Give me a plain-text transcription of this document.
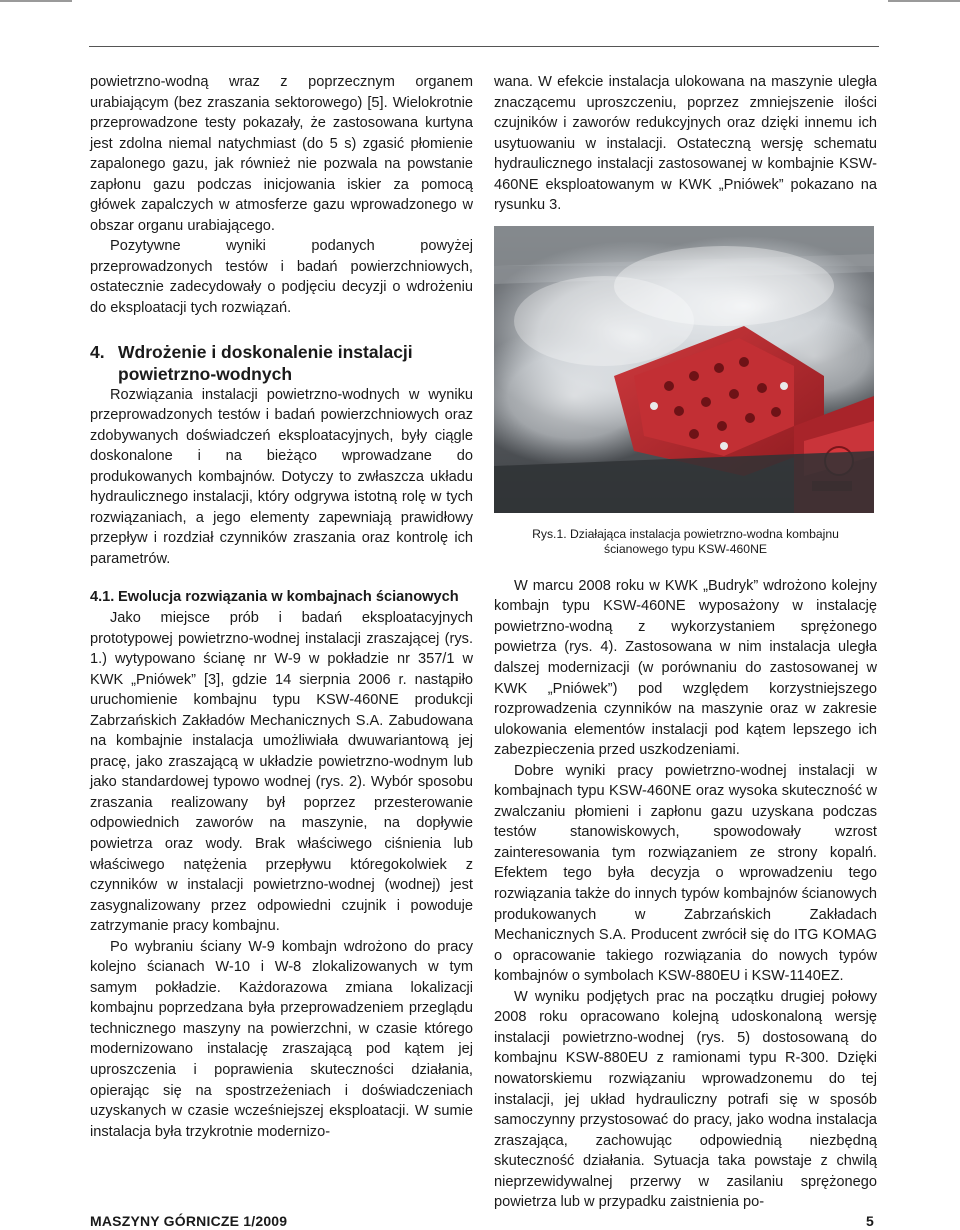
powietrzno-wodną wraz z poprzecznym organem urabiającym (bez zraszania sektorowego) [5]. Wielokrotnie przeprowadzone testy pokazały, że zastosowana kurtyna jest zdolna niemal natychmiast (do 5 s) zgasić płomienie zapalonego gazu, jak również nie pozwala na powstanie zapłonu gazu podczas inicjowania iskier za pomocą główek zapalczych w atmosferze gazu wprowadzonego w obszar organu urabiającego.

Pozytywne wyniki podanych powyżej przeprowadzonych testów i badań powierzchniowych, ostatecznie zadecydowały o podjęciu decyzji o wdrożeniu do eksploatacji tych rozwiązań.

4. Wdrożenie i doskonalenie instalacji powietrzno-wodnych

Rozwiązania instalacji powietrzno-wodnych w wyniku przeprowadzonych testów i badań powierzchniowych oraz zdobywanych doświadczeń eksploatacyjnych, były ciągle doskonalone i na bieżąco wprowadzane do produkowanych kombajnów. Dotyczy to zwłaszcza układu hydraulicznego instalacji, który odgrywa istotną rolę w tych rozwiązaniach, a jego elementy zapewniają prawidłowy przepływ i rozdział czynników zraszania oraz kontrolę ich parametrów.

4.1. Ewolucja rozwiązania w kombajnach ścianowych

Jako miejsce prób i badań eksploatacyjnych prototypowej powietrzno-wodnej instalacji zraszającej (rys. 1.) wytypowano ścianę nr W-9 w pokładzie nr 357/1 w KWK „Pniówek” [3], gdzie 14 sierpnia 2006 r. nastąpiło uruchomienie kombajnu typu KSW-460NE produkcji Zabrzańskich Zakładów Mechanicznych S.A. Zabudowana na kombajnie instalacja umożliwiała dwuwariantową jej pracę, jako zraszającą w układzie powietrzno-wodnym lub jako standardowej typowo wodnej (rys. 2). Wybór sposobu zraszania realizowany był poprzez przesterowanie odpowiednich zaworów na maszynie, na dopływie powietrza oraz wody. Brak właściwego ciśnienia lub właściwego natężenia przepływu któregokolwiek z czynników w instalacji powietrzno-wodnej (wodnej) jest zasygnalizowany przez odpowiedni czujnik i powoduje zatrzymanie pracy kombajnu.

Po wybraniu ściany W-9 kombajn wdrożono do pracy kolejno ścianach W-10 i W-8 zlokalizowanych w tym samym pokładzie. Każdorazowa zmiana lokalizacji kombajnu poprzedzana była przeprowadzeniem przeglądu technicznego maszyny na powierzchni, w czasie którego modernizowano instalację zraszającą pod kątem jej uproszczenia i poprawienia skuteczności działania, opierając się na spostrzeżeniach i doświadczeniach uzyskanych w czasie wcześniejszej eksploatacji. W sumie instalacja była trzykrotnie modernizo-

wana. W efekcie instalacja ulokowana na maszynie uległa znaczącemu uproszczeniu, poprzez zmniejszenie ilości czujników i zaworów redukcyjnych oraz dzięki innemu ich usytuowaniu w instalacji. Ostateczną wersję schematu hydraulicznego instalacji zastosowanej w kombajnie KSW-460NE eksploatowanym w KWK „Pniówek” pokazano na rysunku 3.

Rys.1. Działająca instalacja powietrzno-wodna kombajnu
ścianowego typu KSW-460NE

W marcu 2008 roku w KWK „Budryk” wdrożono kolejny kombajn typu KSW-460NE wyposażony w instalację powietrzno-wodną z wykorzystaniem sprężonego powietrza (rys. 4). Zastosowana w nim instalacja uległa dalszej modernizacji (w porównaniu do zastosowanej w KWK „Pniówek”) pod względem korzystniejszego rozprowadzenia czynników na maszynie oraz w zakresie ulokowania elementów instalacji pod kątem lepszego ich zabezpieczenia przed uszkodzeniami.

Dobre wyniki pracy powietrzno-wodnej instalacji w kombajnach typu KSW-460NE oraz wysoka skuteczność w zwalczaniu płomieni i zapłonu gazu uzyskana podczas testów stanowiskowych, spowodowały wzrost zainteresowania tym rozwiązaniem ze strony kopalń. Efektem tego była decyzja o wprowadzeniu tego rozwiązania także do innych typów kombajnów ścianowych produkowanych w Zabrzańskich Zakładach Mechanicznych S.A. Producent zwrócił się do ITG KOMAG o opracowanie takiego rozwiązania do nowych typów kombajnów o symbolach KSW-880EU i KSW-1140EZ.

W wyniku podjętych prac na początku drugiej połowy 2008 roku opracowano kolejną udoskonaloną wersję instalacji powietrzno-wodnej (rys. 5) dostosowaną do kombajnu KSW-880EU z ramionami typu R-300. Dzięki nowatorskiemu rozwiązaniu wprowadzonemu do tej instalacji, jej układ hydrauliczny potrafi się w sposób samoczynny przystosować do pracy, jako wodna instalacja zraszająca, zachowując odpowiednią niezbędną skuteczność działania. Sytuacja taka powstaje z chwilą nieprzewidywalnej przerwy w zasilaniu sprężonego powietrza lub w przypadku zaistnienia po-

MASZYNY GÓRNICZE 1/2009	5
